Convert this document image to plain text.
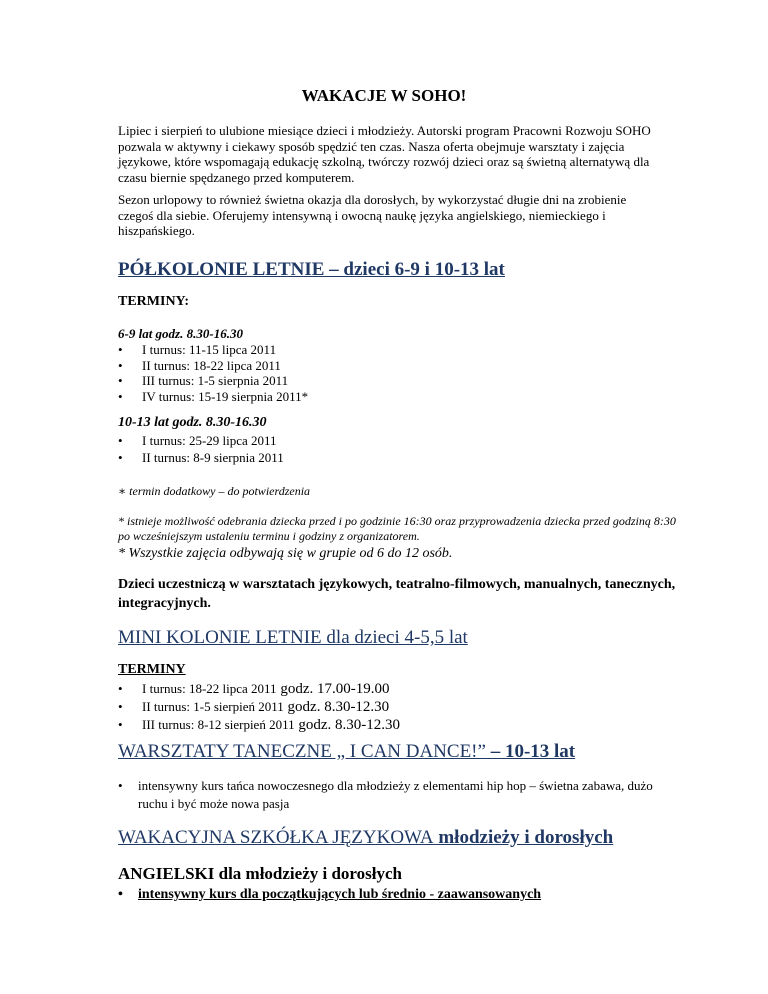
WAKACJE W SOHO!
Lipiec i sierpień to ulubione miesiące dzieci i młodzieży. Autorski program Pracowni Rozwoju SOHO pozwala w aktywny i ciekawy sposób spędzić ten czas. Nasza oferta obejmuje warsztaty i zajęcia językowe, które wspomagają edukację szkolną, twórczy rozwój dzieci oraz są świetną alternatywą dla czasu biernie spędzanego przed komputerem.
Sezon urlopowy to również świetna okazja dla dorosłych, by wykorzystać długie dni na zrobienie czegoś dla siebie. Oferujemy intensywną i owocną naukę języka angielskiego, niemieckiego i hiszpańskiego.
PÓŁKOLONIE LETNIE – dzieci 6-9 i 10-13 lat
TERMINY:
6-9 lat godz. 8.30-16.30
• I turnus: 11-15 lipca 2011
• II turnus: 18-22 lipca 2011
• III turnus: 1-5 sierpnia 2011
• IV turnus: 15-19 sierpnia 2011*
10-13 lat godz. 8.30-16.30
• I turnus: 25-29 lipca 2011
• II turnus: 8-9 sierpnia 2011
∗ termin dodatkowy – do potwierdzenia
* istnieje możliwość odebrania dziecka przed i po godzinie 16:30 oraz przyprowadzenia dziecka przed godziną 8:30 po wcześniejszym ustaleniu terminu i godziny z organizatorem.
* Wszystkie zajęcia odbywają się w grupie od 6 do 12 osób.
Dzieci uczestniczą w warsztatach językowych, teatralno-filmowych, manualnych, tanecznych, integracyjnych.
MINI KOLONIE LETNIE dla dzieci 4-5,5 lat
TERMINY
• I turnus: 18-22 lipca 2011 godz. 17.00-19.00
• II turnus: 1-5 sierpień 2011 godz. 8.30-12.30
• III turnus: 8-12 sierpień 2011 godz. 8.30-12.30
WARSZTATY TANECZNE „ I CAN DANCE!” – 10-13 lat
• intensywny kurs tańca nowoczesnego dla młodzieży z elementami hip hop – świetna zabawa, dużo ruchu i być może nowa pasja
WAKACYJNA SZKÓŁKA JĘZYKOWA młodzieży i dorosłych
ANGIELSKI dla młodzieży i dorosłych
• intensywny kurs dla początkujących lub średnio - zaawansowanych
